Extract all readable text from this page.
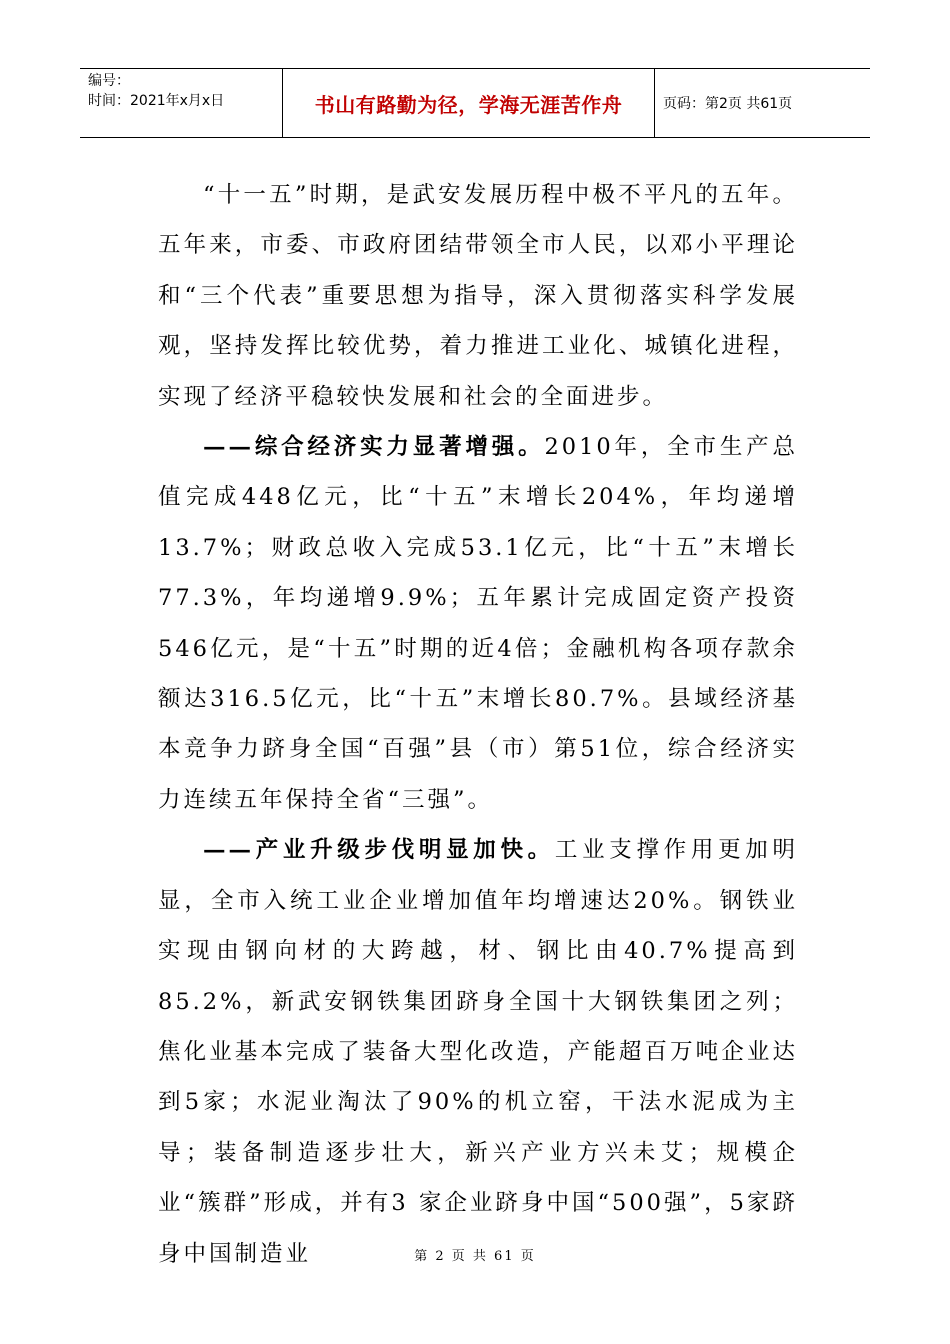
编号：
时间：2021年x月x日	书山有路勤为径，学海无涯苦作舟	页码：第2页 共61页

“十一五”时期，是武安发展历程中极不平凡的五年。五年来，市委、市政府团结带领全市人民，以邓小平理论和“三个代表”重要思想为指导，深入贯彻落实科学发展观，坚持发挥比较优势，着力推进工业化、城镇化进程，实现了经济平稳较快发展和社会的全面进步。

——综合经济实力显著增强。2010年，全市生产总值完成448亿元，比“十五”末增长204%，年均递增13.7%；财政总收入完成53.1亿元，比“十五”末增长77.3%，年均递增9.9%；五年累计完成固定资产投资546亿元，是“十五”时期的近4倍；金融机构各项存款余额达316.5亿元，比“十五”末增长80.7%。县域经济基本竞争力跻身全国“百强”县（市）第51位，综合经济实力连续五年保持全省“三强”。

——产业升级步伐明显加快。工业支撑作用更加明显，全市入统工业企业增加值年均增速达20%。钢铁业实现由钢向材的大跨越，材、钢比由40.7%提高到85.2%，新武安钢铁集团跻身全国十大钢铁集团之列；焦化业基本完成了装备大型化改造，产能超百万吨企业达到5家；水泥业淘汰了90%的机立窑，干法水泥成为主导；装备制造逐步壮大，新兴产业方兴未艾；规模企业“簇群”形成，并有3 家企业跻身中国“500强”，5家跻身中国制造业	第 2 页 共 61 页
